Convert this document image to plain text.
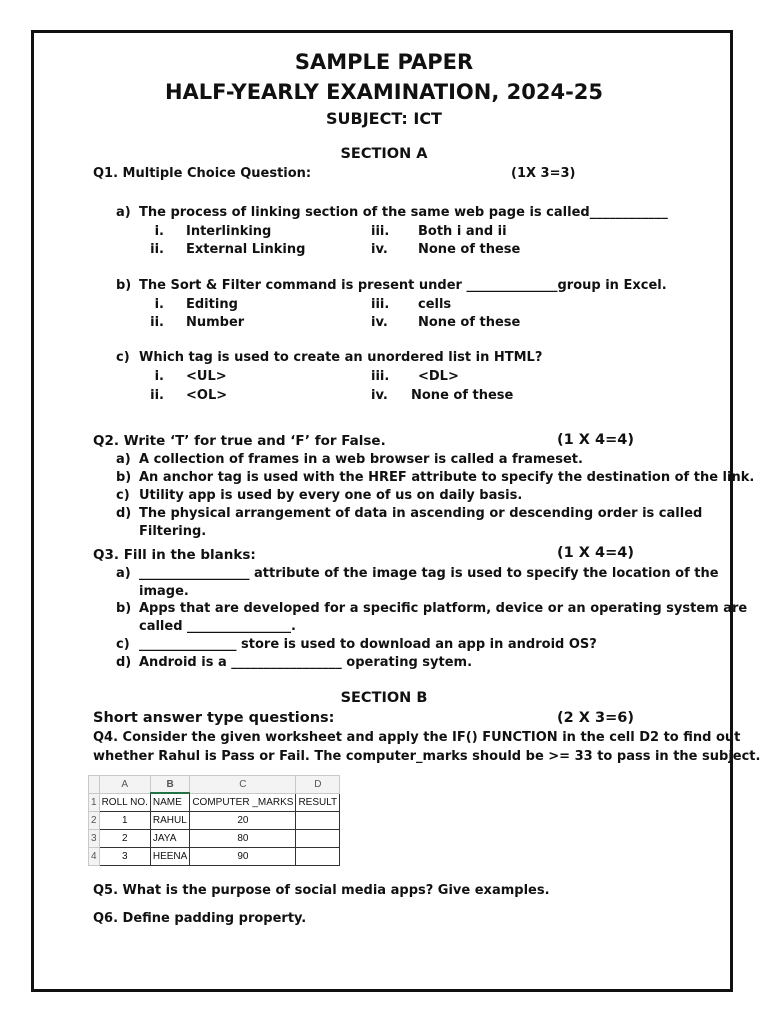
SAMPLE PAPER
HALF-YEARLY EXAMINATION, 2024-25
SUBJECT: ICT
SECTION A
Q1. Multiple Choice Question:	(1X 3=3)
a) The process of linking section of the same web page is called____________
i. Interlinking
ii. External Linking
iii. Both i and ii
iv. None of these
b) The Sort & Filter command is present under ______________group in Excel.
i. Editing
ii. Number
iii. cells
iv. None of these
c) Which tag is used to create an unordered list in HTML?
i. <UL>
ii. <OL>
iii. <DL>
iv. None of these
Q2. Write ‘T’ for true and ‘F’ for False.	(1 X 4=4)
a) A collection of frames in a web browser is called a frameset.
b) An anchor tag is used with the HREF attribute to specify the destination of the link.
c) Utility app is used by every one of us on daily basis.
d) The physical arrangement of data in ascending or descending order is called
Filtering.
Q3. Fill in the blanks:	(1 X 4=4)
a) _________________ attribute of the image tag is used to specify the location of the
image.
b) Apps that are developed for a specific platform, device or an operating system are
called ________________.
c) _______________ store is used to download an app in android OS?
d) Android is a _________________ operating sytem.
SECTION B
Short answer type questions:	(2 X 3=6)
Q4. Consider the given worksheet and apply the IF() FUNCTION in the cell D2 to find out
whether Rahul is Pass or Fail. The computer_marks should be >= 33 to pass in the subject.
	A	B	C	D
1	ROLL NO.	NAME	COMPUTER _MARKS	RESULT
2	1	RAHUL	20	
3	2	JAYA	80	
4	3	HEENA	90	
Q5. What is the purpose of social media apps? Give examples.
Q6. Define padding property.
